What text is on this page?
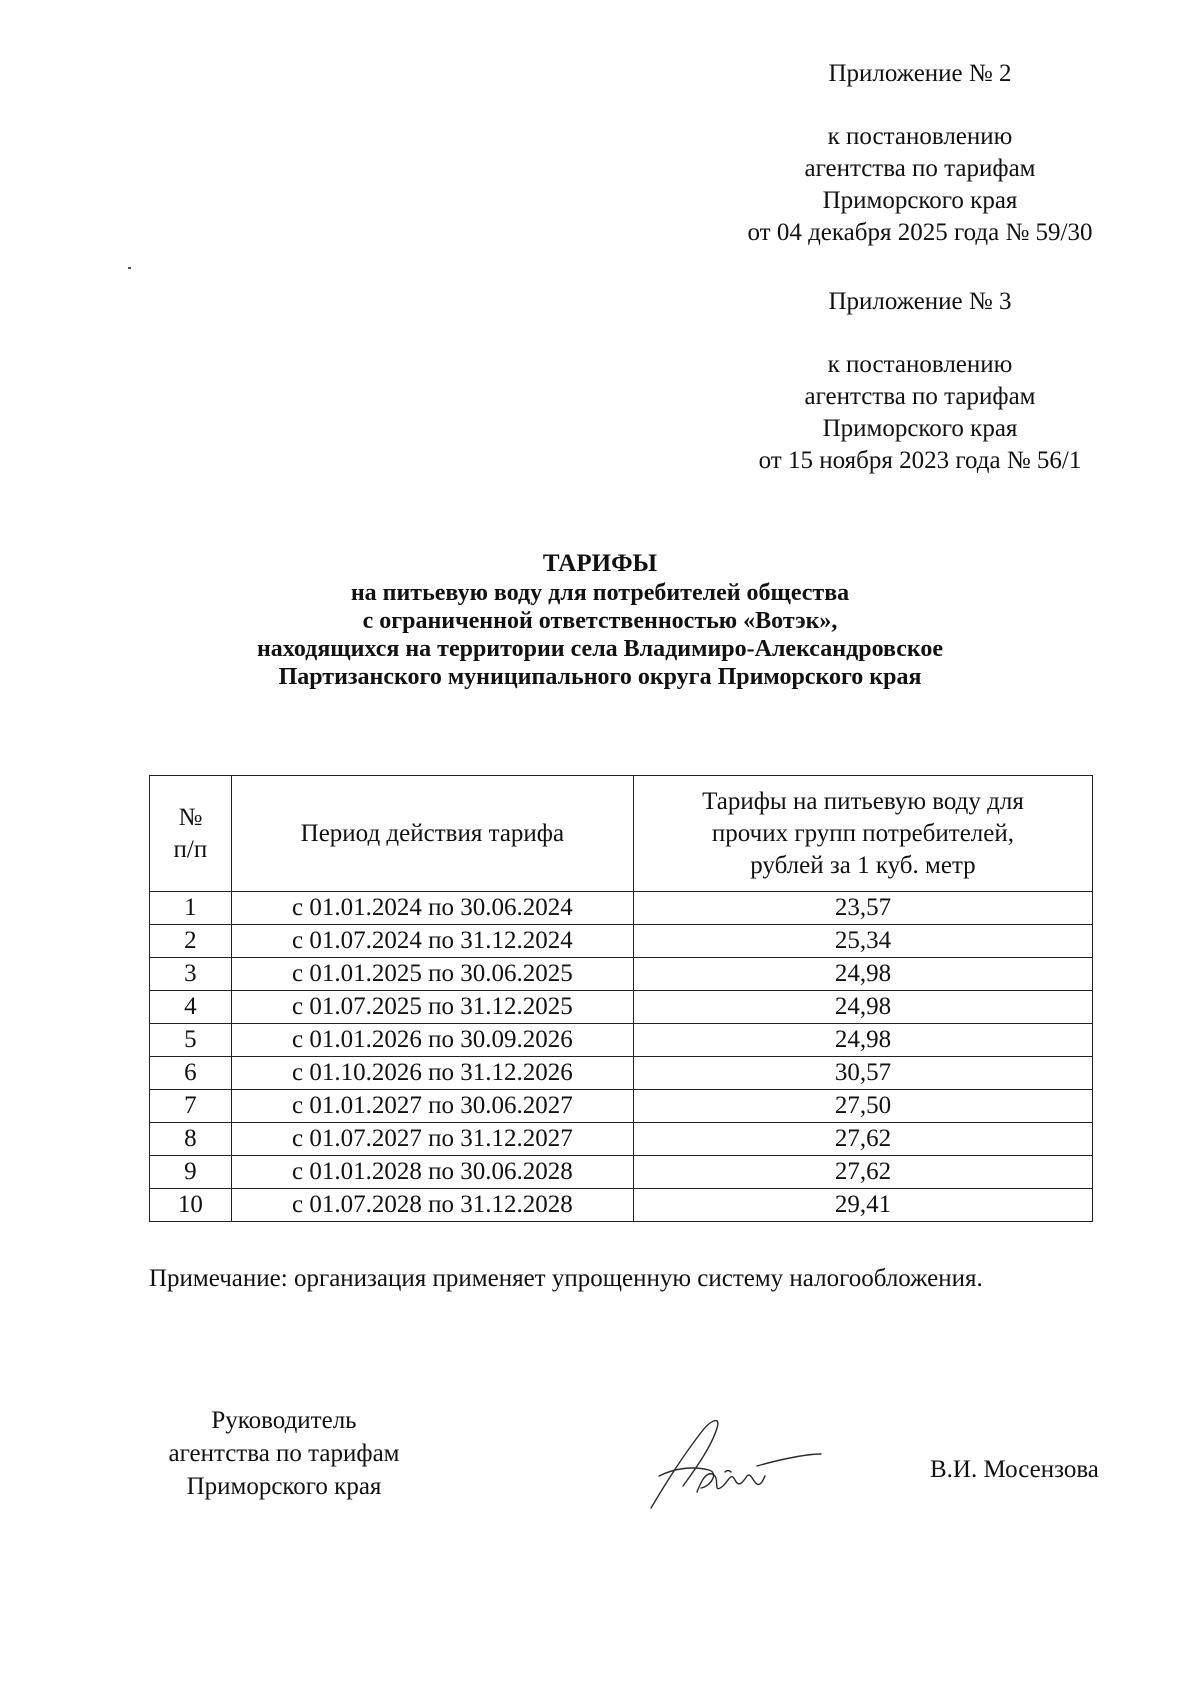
Приложение № 2

к постановлению

агентства по тарифам

Приморского края

от 04 декабря 2025 года № 59/30

Приложение № 3

к постановлению

агентства по тарифам

Приморского края

от 15 ноября 2023 года № 56/1

ТАРИФЫ

на питьевую воду для потребителей общества

с ограниченной ответственностью «Вотэк»,

находящихся на территории села Владимиро-Александровское

Партизанского муниципального округа Приморского края

№
п/п	Период действия тарифа	Тарифы на питьевую воду для
прочих групп потребителей,
рублей за 1 куб. метр
1	с 01.01.2024 по 30.06.2024	23,57
2	с 01.07.2024 по 31.12.2024	25,34
3	с 01.01.2025 по 30.06.2025	24,98
4	с 01.07.2025 по 31.12.2025	24,98
5	с 01.01.2026 по 30.09.2026	24,98
6	с 01.10.2026 по 31.12.2026	30,57
7	с 01.01.2027 по 30.06.2027	27,50
8	с 01.07.2027 по 31.12.2027	27,62
9	с 01.01.2028 по 30.06.2028	27,62
10	с 01.07.2028 по 31.12.2028	29,41

Примечание: организация применяет упрощенную систему налогообложения.

Руководитель

агентства по тарифам

Приморского края

В.И. Мосензова
